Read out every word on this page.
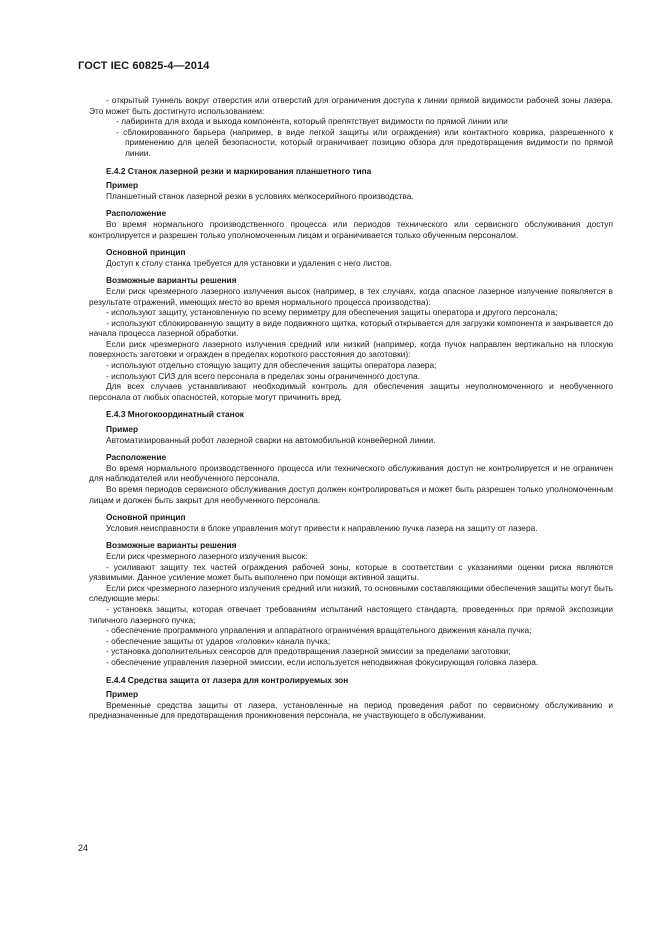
ГОСТ IEC 60825-4—2014
- открытый туннель вокруг отверстия или отверстий для ограничения доступа к линии прямой видимости рабочей зоны лазера. Это может быть достигнуто использованием:
- лабиринта для входа и выхода компонента, который препятствует видимости по прямой линии или
- сблокированного барьера (например, в виде легкой защиты или ограждения) или контактного коврика, разрешенного к применению для целей безопасности, который ограничивает позицию обзора для предотвращения видимости по прямой линии.
Е.4.2 Станок лазерной резки и маркирования планшетного типа
Пример
Планшетный станок лазерной резки в условиях мелкосерийного производства.
Расположение
Во время нормального производственного процесса или периодов технического или сервисного обслуживания доступ контролируется и разрешен только уполномоченным лицам и ограничивается только обученным персоналом.
Основной принцип
Доступ к столу станка требуется для установки и удаления с него листов.
Возможные варианты решения
Если риск чрезмерного лазерного излучения высок (например, в тех случаях, когда опасное лазерное излучение появляется в результате отражений, имеющих место во время нормального процесса производства):
- используют защиту, установленную по всему периметру для обеспечения защиты оператора и другого персонала;
- используют сблокированную защиту в виде подвижного щитка, который открывается для загрузки компонента и закрывается до начала процесса лазерной обработки.
Если риск чрезмерного лазерного излучения средний или низкий (например, когда пучок направлен вертикально на плоскую поверхность заготовки и огражден в пределах короткого расстояния до заготовки):
- используют отдельно стоящую защиту для обеспечения защиты оператора лазера;
- используют СИЗ для всего персонала в пределах зоны ограниченного доступа.
Для всех случаев устанавливают необходимый контроль для обеспечения защиты неуполномоченного и необученного персонала от любых опасностей, которые могут причинить вред.
Е.4.3 Многокоординатный станок
Пример
Автоматизированный робот лазерной сварки на автомобильной конвейерной линии.
Расположение
Во время нормального производственного процесса или технического обслуживания доступ не контролируется и не ограничен для наблюдателей или необученного персонала.
Во время периодов сервисного обслуживания доступ должен контролироваться и может быть разрешен только уполномоченным лицам и должен быть закрыт для необученного персонала.
Основной принцип
Условия неисправности в блоке управления могут привести к направлению пучка лазера на защиту от лазера.
Возможные варианты решения
Если риск чрезмерного лазерного излучения высок:
- усиливают защиту тех частей ограждения рабочей зоны, которые в соответствии с указаниями оценки риска являются уязвимыми. Данное усиление может быть выполнено при помощи активной защиты.
Если риск чрезмерного лазерного излучения средний или низкий, то основными составляющими обеспечения защиты могут быть следующие меры:
- установка защиты, которая отвечает требованиям испытаний настоящего стандарта, проведенных при прямой экспозиции типичного лазерного пучка;
- обеспечение программного управления и аппаратного ограничения вращательного движения канала пучка;
- обеспечение защиты от ударов «головки» канала пучка;
- установка дополнительных сенсоров для предотвращения лазерной эмиссии за пределами заготовки;
- обеспечение управления лазерной эмиссии, если используется неподвижная фокусирующая головка лазера.
Е.4.4 Средства защита от лазера для контролируемых зон
Пример
Временные средства защиты от лазера, установленные на период проведения работ по сервисному обслуживанию и предназначенные для предотвращения проникновения персонала, не участвующего в обслуживании.
24
